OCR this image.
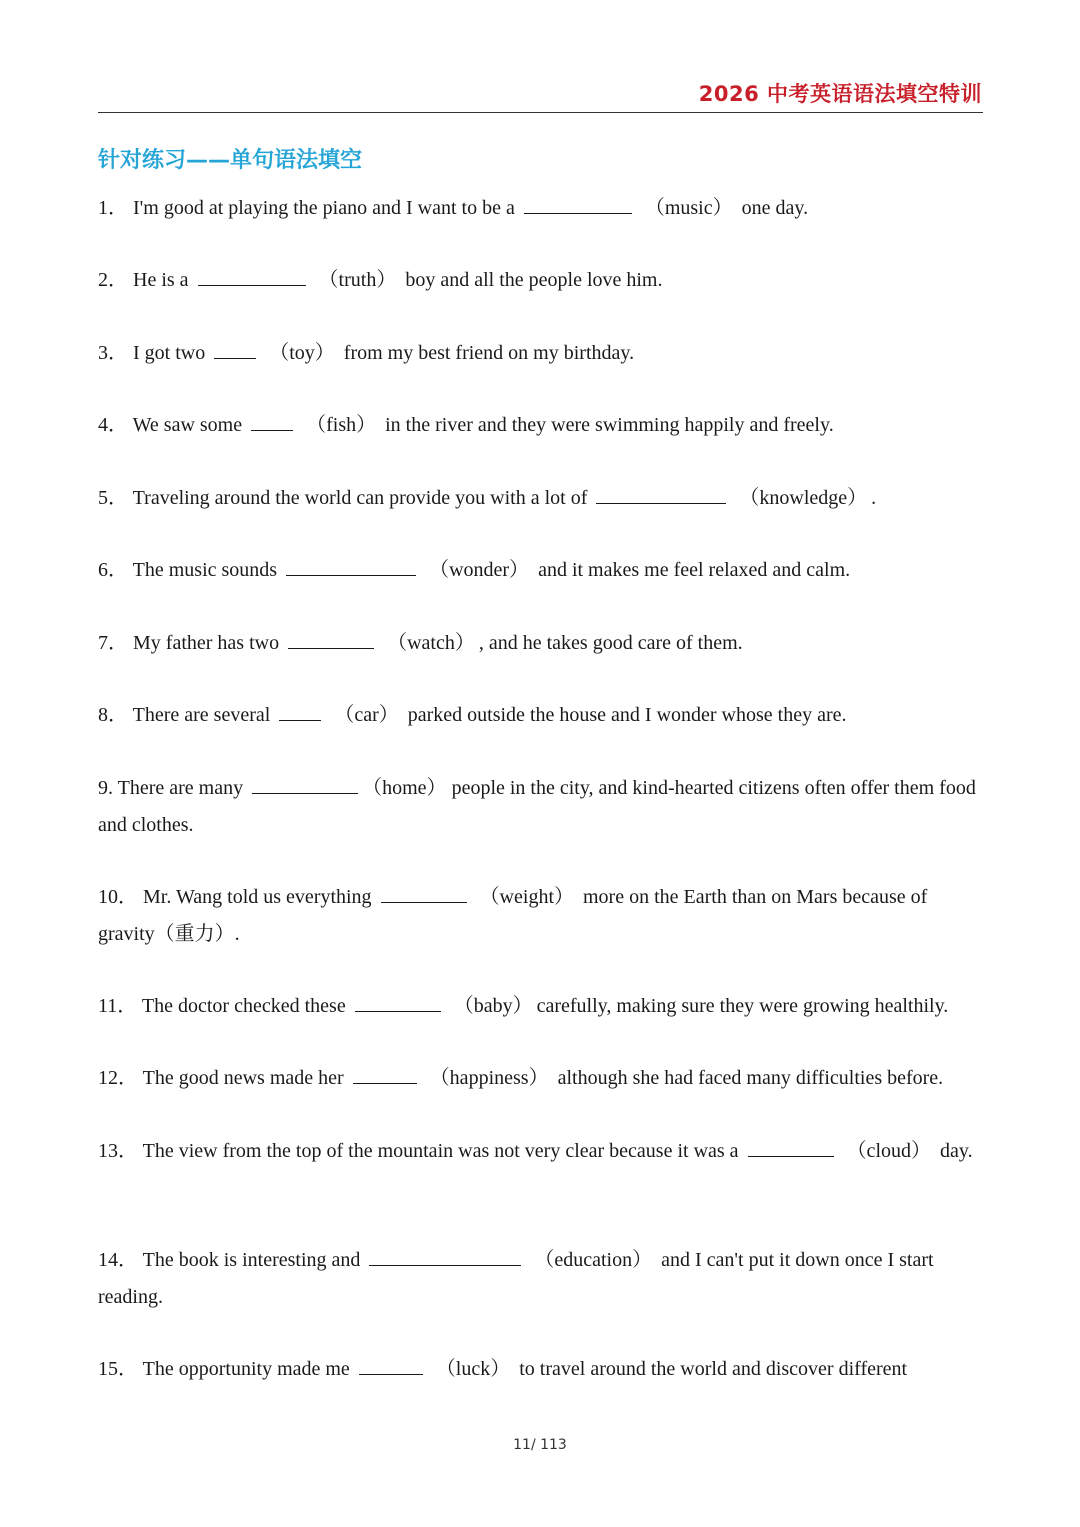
2026 中考英语语法填空特训
针对练习——单句语法填空
1． I'm good at playing the piano and I want to be a	（music） one day.
2． He is a	（truth） boy and all the people love him.
3． I got two	（toy） from my best friend on my birthday.
4． We saw some	（fish） in the river and they were swimming happily and freely.
5． Traveling around the world can provide you with a lot of	（knowledge） .
6． The music sounds	（wonder） and it makes me feel relaxed and calm.
7． My father has two	（watch） , and he takes good care of them.
8． There are several	（car） parked outside the house and I wonder whose they are.
9. There are many	（home） people in the city, and kind-hearted citizens often offer them food and clothes.
10． Mr. Wang told us everything	（weight） more on the Earth than on Mars because of gravity（重力）.
11． The doctor checked these	（baby） carefully, making sure they were growing healthily.
12． The good news made her	（happiness） although she had faced many difficulties before.
13． The view from the top of the mountain was not very clear because it was a	（cloud） day.
14． The book is interesting and	（education） and I can't put it down once I start reading.
15． The opportunity made me	（luck） to travel around the world and discover different
11/ 113
